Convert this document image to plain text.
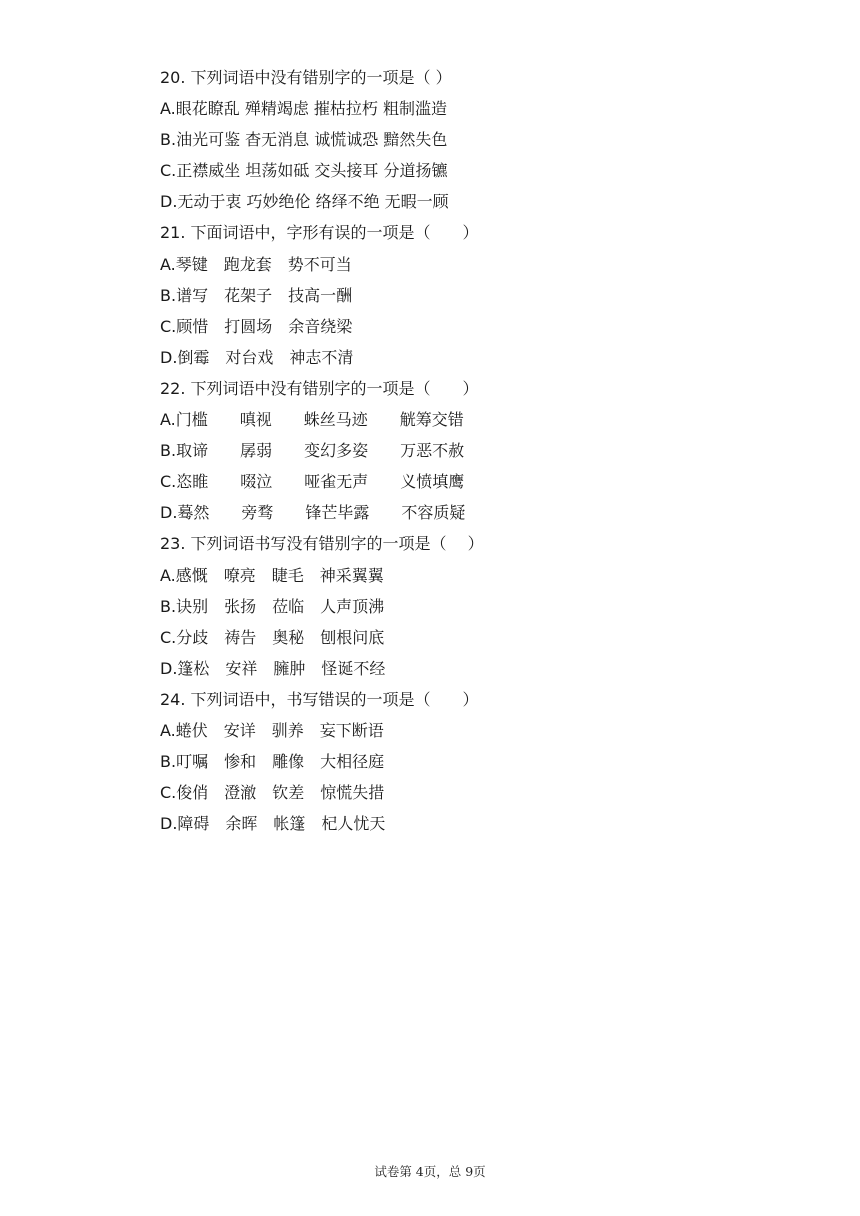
20. 下列词语中没有错别字的一项是（ ）
A.眼花瞭乱 殚精竭虑 摧枯拉朽 粗制滥造
B.油光可鉴 杳无消息 诚慌诚恐 黯然失色
C.正襟威坐 坦荡如砥 交头接耳 分道扬镳
D.无动于衷 巧妙绝伦 络绎不绝 无暇一顾
21. 下面词语中，字形有误的一项是（　　）
A.琴键　跑龙套　势不可当
B.谱写　花架子　技高一酬
C.顾惜　打圆场　余音绕梁
D.倒霉　对台戏　神志不清
22. 下列词语中没有错别字的一项是（　　）
A.门槛　　嗔视　　蛛丝马迹　　觥筹交错
B.取谛　　孱弱　　变幻多姿　　万恶不赦
C.恣睢　　啜泣　　哑雀无声　　义愤填鹰
D.蓦然　　旁骛　　锋芒毕露　　不容质疑
23. 下列词语书写没有错别字的一项是（　 ）
A.感慨　嘹亮　睫毛　神采翼翼
B.诀别　张扬　莅临　人声顶沸
C.分歧　祷告　奥秘　刨根问底
D.篷松　安祥　臃肿　怪诞不经
24. 下列词语中，书写错误的一项是（　　）
A.蜷伏　安详　驯养　妄下断语
B.叮嘱　惨和　雕像　大相径庭
C.俊俏　澄澈　钦差　惊慌失措
D.障碍　余晖　帐篷　杞人忧天
试卷第 4页，总 9页
